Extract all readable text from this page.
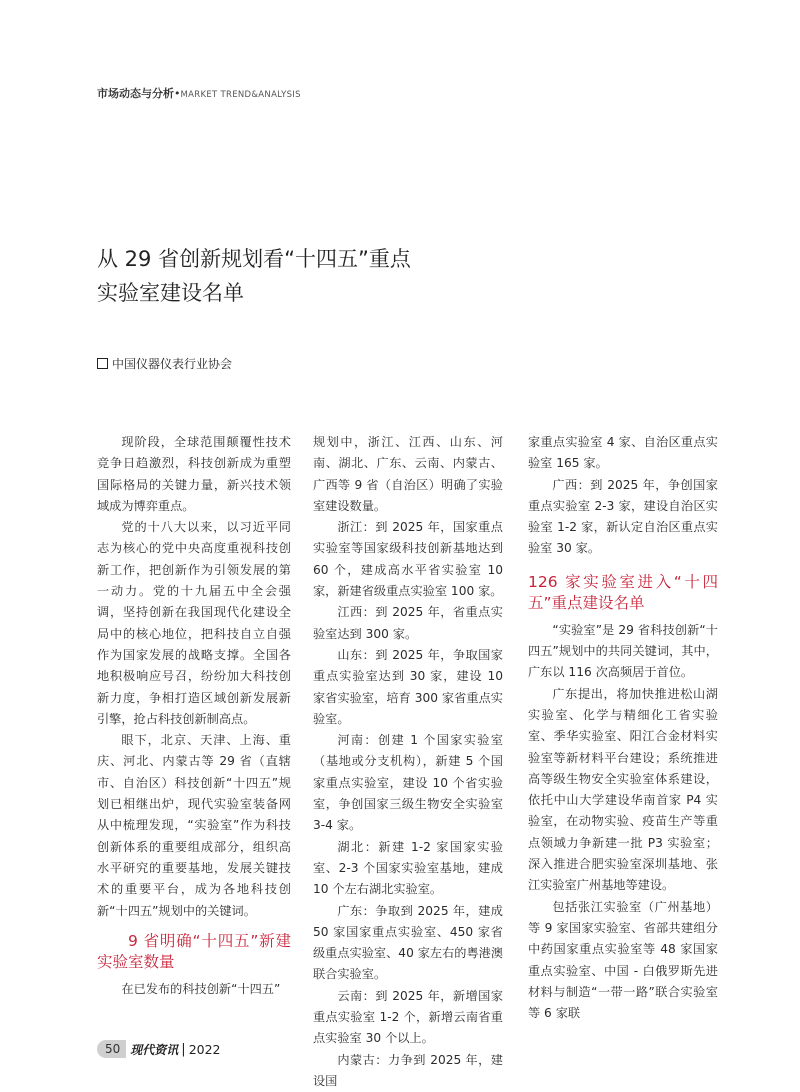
市场动态与分析•MARKET TREND&ANALYSIS
从 29 省创新规划看“十四五”重点
实验室建设名单
中国仪器仪表行业协会

现阶段，全球范围颠覆性技术竞争日趋激烈，科技创新成为重塑国际格局的关键力量，新兴技术领域成为博弈重点。

党的十八大以来，以习近平同志为核心的党中央高度重视科技创新工作，把创新作为引领发展的第一动力。党的十九届五中全会强调，坚持创新在我国现代化建设全局中的核心地位，把科技自立自强作为国家发展的战略支撑。全国各地积极响应号召，纷纷加大科技创新力度，争相打造区域创新发展新引擎，抢占科技创新制高点。

眼下，北京、天津、上海、重庆、河北、内蒙古等 29 省（直辖市、自治区）科技创新“十四五”规划已相继出炉，现代实验室装备网从中梳理发现，“实验室”作为科技创新体系的重要组成部分，组织高水平研究的重要基地，发展关键技术的重要平台，成为各地科技创新“十四五”规划中的关键词。

9 省明确“十四五”新建实验室数量

在已发布的科技创新“十四五”

规划中，浙江、江西、山东、河南、湖北、广东、云南、内蒙古、广西等 9 省（自治区）明确了实验室建设数量。

浙江：到 2025 年，国家重点实验室等国家级科技创新基地达到 60 个，建成高水平省实验室 10 家，新建省级重点实验室 100 家。

江西：到 2025 年，省重点实验室达到 300 家。

山东：到 2025 年，争取国家重点实验室达到 30 家，建设 10 家省实验室，培育 300 家省重点实验室。

河南：创建 1 个国家实验室（基地或分支机构），新建 5 个国家重点实验室，建设 10 个省实验室，争创国家三级生物安全实验室 3-4 家。

湖北：新建 1-2 家国家实验室、2-3 个国家实验室基地，建成 10 个左右湖北实验室。

广东：争取到 2025 年，建成 50 家国家重点实验室、450 家省级重点实验室、40 家左右的粤港澳联合实验室。

云南：到 2025 年，新增国家重点实验室 1-2 个，新增云南省重点实验室 30 个以上。

内蒙古：力争到 2025 年，建设国

家重点实验室 4 家、自治区重点实验室 165 家。

广西：到 2025 年，争创国家重点实验室 2-3 家，建设自治区实验室 1-2 家，新认定自治区重点实验室 30 家。

126 家实验室进入“十四五”重点建设名单

“实验室”是 29 省科技创新“十四五”规划中的共同关键词，其中，广东以 116 次高频居于首位。

广东提出，将加快推进松山湖实验室、化学与精细化工省实验室、季华实验室、阳江合金材料实验室等新材料平台建设；系统推进高等级生物安全实验室体系建设，依托中山大学建设华南首家 P4 实验室，在动物实验、疫苗生产等重点领域力争新建一批 P3 实验室；深入推进合肥实验室深圳基地、张江实验室广州基地等建设。

包括张江实验室（广州基地）等 9 家国家实验室、省部共建组分中药国家重点实验室等 48 家国家重点实验室、中国 - 白俄罗斯先进材料与制造“一带一路”联合实验室等 6 家联

50 现代资讯 | 2022
